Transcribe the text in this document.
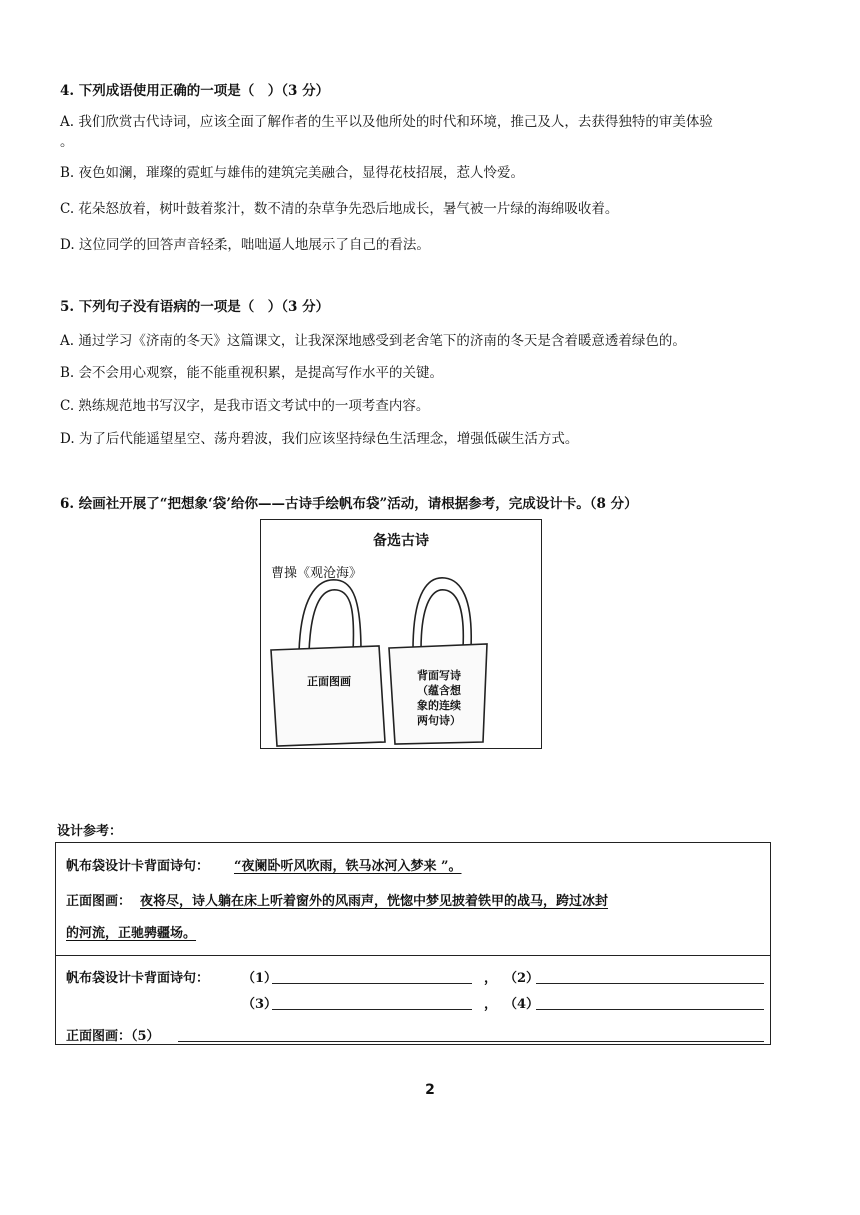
4. 下列成语使用正确的一项是（　）（3 分）
A. 我们欣赏古代诗词，应该全面了解作者的生平以及他所处的时代和环境，推己及人，去获得独特的审美体验
。
B. 夜色如澜，璀璨的霓虹与雄伟的建筑完美融合，显得花枝招展，惹人怜爱。
C. 花朵怒放着，树叶鼓着浆汁，数不清的杂草争先恐后地成长，暑气被一片绿的海绵吸收着。
D. 这位同学的回答声音轻柔，咄咄逼人地展示了自己的看法。
5. 下列句子没有语病的一项是（　）（3 分）
A. 通过学习《济南的冬天》这篇课文，让我深深地感受到老舍笔下的济南的冬天是含着暖意透着绿色的。
B. 会不会用心观察，能不能重视积累，是提高写作水平的关键。
C. 熟练规范地书写汉字，是我市语文考试中的一项考查内容。
D. 为了后代能遥望星空、荡舟碧波，我们应该坚持绿色生活理念，增强低碳生活方式。
6. 绘画社开展了“把想象‘袋’给你——古诗手绘帆布袋”活动，请根据参考，完成设计卡。（8 分）
备选古诗
曹操《观沧海》
正面图画	背面写诗
（蕴含想
象的连续
两句诗）
设计参考：
帆布袋设计卡背面诗句： “夜阑卧听风吹雨，铁马冰河入梦来 ”。
正面图画： 夜将尽，诗人躺在床上听着窗外的风雨声，恍惚中梦见披着铁甲的战马，跨过冰封
的河流，正驰骋疆场。
帆布袋设计卡背面诗句：	（1）	， （2）
（3）	， （4）
正面图画：（5）
2
